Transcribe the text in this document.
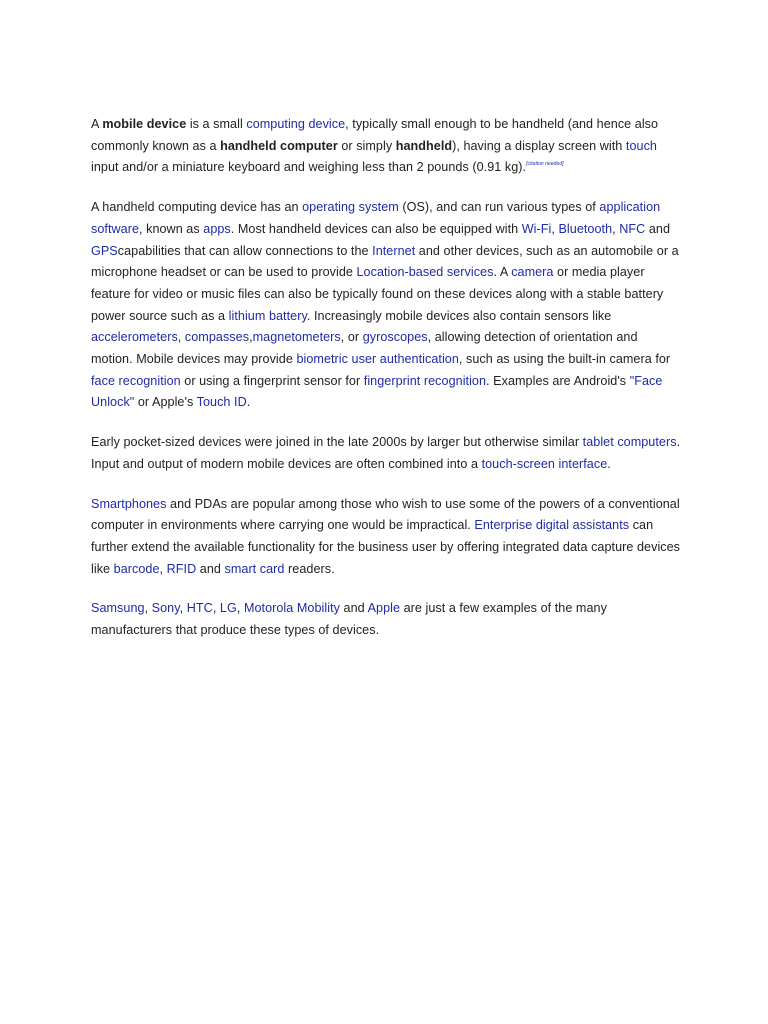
A mobile device is a small computing device, typically small enough to be handheld (and hence also commonly known as a handheld computer or simply handheld), having a display screen with touch input and/or a miniature keyboard and weighing less than 2 pounds (0.91 kg).[citation needed]

A handheld computing device has an operating system (OS), and can run various types of application software, known as apps. Most handheld devices can also be equipped with Wi-Fi, Bluetooth, NFC and GPScapabilities that can allow connections to the Internet and other devices, such as an automobile or a microphone headset or can be used to provide Location-based services. A camera or media player feature for video or music files can also be typically found on these devices along with a stable battery power source such as a lithium battery. Increasingly mobile devices also contain sensors like accelerometers, compasses,magnetometers, or gyroscopes, allowing detection of orientation and motion. Mobile devices may provide biometric user authentication, such as using the built-in camera for face recognition or using a fingerprint sensor for fingerprint recognition. Examples are Android's "Face Unlock" or Apple's Touch ID.

Early pocket-sized devices were joined in the late 2000s by larger but otherwise similar tablet computers. Input and output of modern mobile devices are often combined into a touch-screen interface.

Smartphones and PDAs are popular among those who wish to use some of the powers of a conventional computer in environments where carrying one would be impractical. Enterprise digital assistants can further extend the available functionality for the business user by offering integrated data capture devices like barcode, RFID and smart card readers.

Samsung, Sony, HTC, LG, Motorola Mobility and Apple are just a few examples of the many manufacturers that produce these types of devices.
